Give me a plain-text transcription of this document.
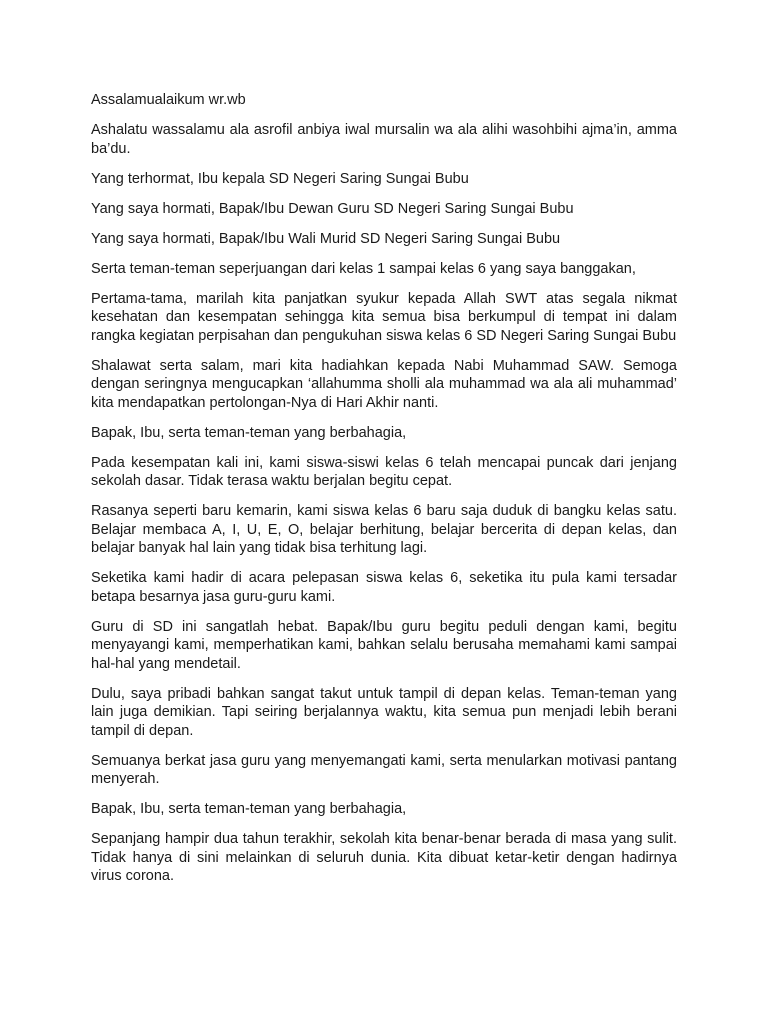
Assalamualaikum wr.wb

Ashalatu wassalamu ala asrofil anbiya iwal mursalin wa ala alihi wasohbihi ajma’in, amma ba’du.

Yang terhormat, Ibu kepala SD Negeri Saring Sungai Bubu

Yang saya hormati, Bapak/Ibu Dewan Guru SD Negeri Saring Sungai Bubu

Yang saya hormati, Bapak/Ibu Wali Murid SD Negeri Saring Sungai Bubu

Serta teman-teman seperjuangan dari kelas 1 sampai kelas 6 yang saya banggakan,

Pertama-tama, marilah kita panjatkan syukur kepada Allah SWT atas segala nikmat kesehatan dan kesempatan sehingga kita semua bisa berkumpul di tempat ini dalam rangka kegiatan perpisahan dan pengukuhan siswa kelas 6 SD Negeri Saring Sungai Bubu

Shalawat serta salam, mari kita hadiahkan kepada Nabi Muhammad SAW. Semoga dengan seringnya mengucapkan ‘allahumma sholli ala muhammad wa ala ali muhammad’ kita mendapatkan pertolongan-Nya di Hari Akhir nanti.

Bapak, Ibu, serta teman-teman yang berbahagia,

Pada kesempatan kali ini, kami siswa-siswi kelas 6 telah mencapai puncak dari jenjang sekolah dasar. Tidak terasa waktu berjalan begitu cepat.

Rasanya seperti baru kemarin, kami siswa kelas 6 baru saja duduk di bangku kelas satu. Belajar membaca A, I, U, E, O, belajar berhitung, belajar bercerita di depan kelas, dan belajar banyak hal lain yang tidak bisa terhitung lagi.

Seketika kami hadir di acara pelepasan siswa kelas 6, seketika itu pula kami tersadar betapa besarnya jasa guru-guru kami.

Guru di SD ini sangatlah hebat. Bapak/Ibu guru begitu peduli dengan kami, begitu menyayangi kami, memperhatikan kami, bahkan selalu berusaha memahami kami sampai hal-hal yang mendetail.

Dulu, saya pribadi bahkan sangat takut untuk tampil di depan kelas. Teman-teman yang lain juga demikian. Tapi seiring berjalannya waktu, kita semua pun menjadi lebih berani tampil di depan.

Semuanya berkat jasa guru yang menyemangati kami, serta menularkan motivasi pantang menyerah.

Bapak, Ibu, serta teman-teman yang berbahagia,

Sepanjang hampir dua tahun terakhir, sekolah kita benar-benar berada di masa yang sulit. Tidak hanya di sini melainkan di seluruh dunia. Kita dibuat ketar-ketir dengan hadirnya virus corona.
